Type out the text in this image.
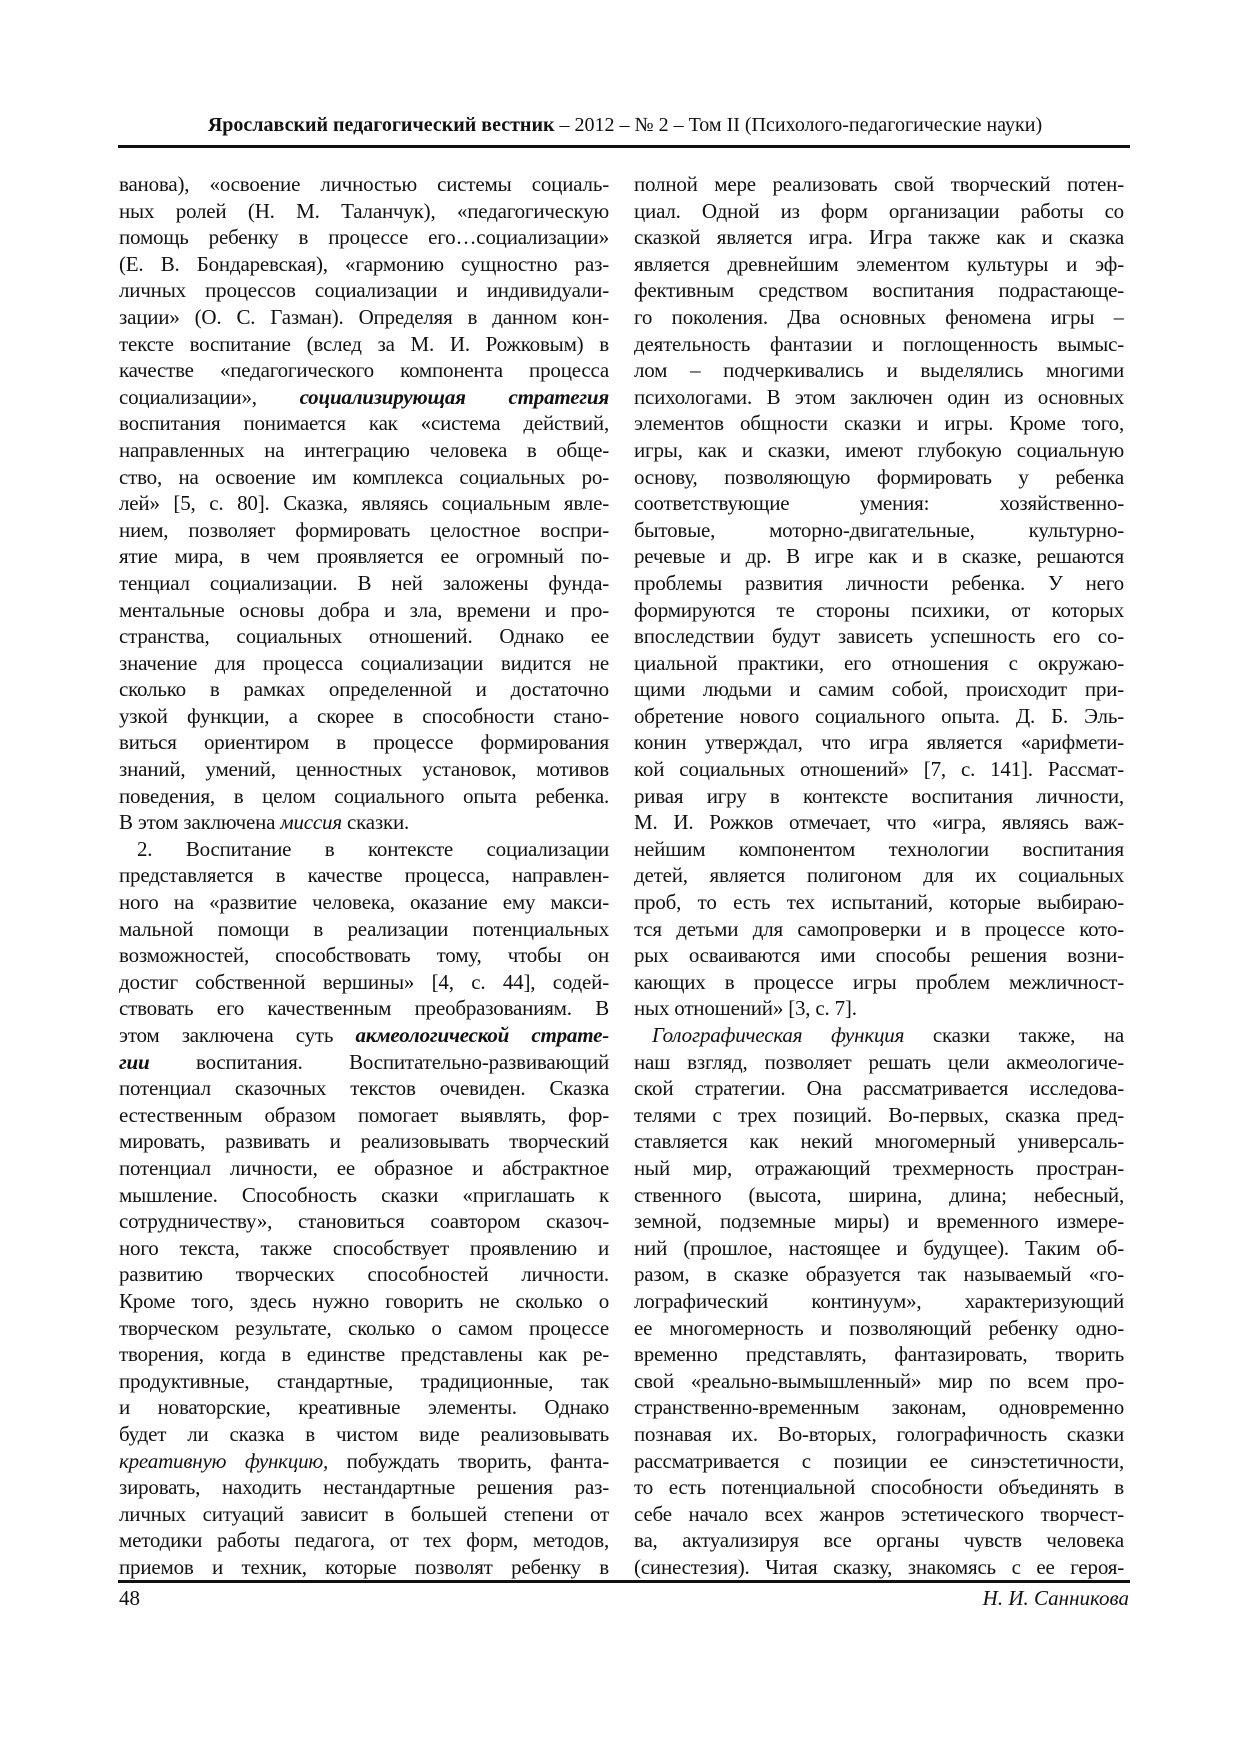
Ярославский педагогический вестник – 2012 – № 2 – Том II (Психолого-педагогические науки)
ванова), «освоение личностью системы социаль-
ных ролей (Н. М. Таланчук), «педагогическую
помощь ребенку в процессе его…социализации»
(Е. В. Бондаревская), «гармонию сущностно раз-
личных процессов социализации и индивидуали-
зации» (О. С. Газман). Определяя в данном кон-
тексте воспитание (вслед за М. И. Рожковым) в
качестве «педагогического компонента процесса
социализации», социализирующая стратегия
воспитания понимается как «система действий,
направленных на интеграцию человека в обще-
ство, на освоение им комплекса социальных ро-
лей» [5, с. 80]. Сказка, являясь социальным явле-
нием, позволяет формировать целостное воспри-
ятие мира, в чем проявляется ее огромный по-
тенциал социализации. В ней заложены фунда-
ментальные основы добра и зла, времени и про-
странства, социальных отношений. Однако ее
значение для процесса социализации видится не
сколько в рамках определенной и достаточно
узкой функции, а скорее в способности стано-
виться ориентиром в процессе формирования
знаний, умений, ценностных установок, мотивов
поведения, в целом социального опыта ребенка.
В этом заключена миссия сказки.
2. Воспитание в контексте социализации
представляется в качестве процесса, направлен-
ного на «развитие человека, оказание ему макси-
мальной помощи в реализации потенциальных
возможностей, способствовать тому, чтобы он
достиг собственной вершины» [4, с. 44], содей-
ствовать его качественным преобразованиям. В
этом заключена суть акмеологической страте-
гии воспитания. Воспитательно-развивающий
потенциал сказочных текстов очевиден. Сказка
естественным образом помогает выявлять, фор-
мировать, развивать и реализовывать творческий
потенциал личности, ее образное и абстрактное
мышление. Способность сказки «приглашать к
сотрудничеству», становиться соавтором сказоч-
ного текста, также способствует проявлению и
развитию творческих способностей личности.
Кроме того, здесь нужно говорить не сколько о
творческом результате, сколько о самом процессе
творения, когда в единстве представлены как ре-
продуктивные, стандартные, традиционные, так
и новаторские, креативные элементы. Однако
будет ли сказка в чистом виде реализовывать
креативную функцию, побуждать творить, фанта-
зировать, находить нестандартные решения раз-
личных ситуаций зависит в большей степени от
методики работы педагога, от тех форм, методов,
приемов и техник, которые позволят ребенку в
полной мере реализовать свой творческий потен-
циал. Одной из форм организации работы со
сказкой является игра. Игра также как и сказка
является древнейшим элементом культуры и эф-
фективным средством воспитания подрастающе-
го поколения. Два основных феномена игры –
деятельность фантазии и поглощенность вымыс-
лом – подчеркивались и выделялись многими
психологами. В этом заключен один из основных
элементов общности сказки и игры. Кроме того,
игры, как и сказки, имеют глубокую социальную
основу, позволяющую формировать у ребенка
соответствующие умения: хозяйственно-
бытовые, моторно-двигательные, культурно-
речевые и др. В игре как и в сказке, решаются
проблемы развития личности ребенка. У него
формируются те стороны психики, от которых
впоследствии будут зависеть успешность его со-
циальной практики, его отношения с окружаю-
щими людьми и самим собой, происходит при-
обретение нового социального опыта. Д. Б. Эль-
конин утверждал, что игра является «арифмети-
кой социальных отношений» [7, с. 141]. Рассмат-
ривая игру в контексте воспитания личности,
М. И. Рожков отмечает, что «игра, являясь важ-
нейшим компонентом технологии воспитания
детей, является полигоном для их социальных
проб, то есть тех испытаний, которые выбираю-
тся детьми для самопроверки и в процессе кото-
рых осваиваются ими способы решения возни-
кающих в процессе игры проблем межличност-
ных отношений» [3, с. 7].
Голографическая функция сказки также, на
наш взгляд, позволяет решать цели акмеологиче-
ской стратегии. Она рассматривается исследова-
телями с трех позиций. Во-первых, сказка пред-
ставляется как некий многомерный универсаль-
ный мир, отражающий трехмерность простран-
ственного (высота, ширина, длина; небесный,
земной, подземные миры) и временного измере-
ний (прошлое, настоящее и будущее). Таким об-
разом, в сказке образуется так называемый «го-
лографический континуум», характеризующий
ее многомерность и позволяющий ребенку одно-
временно представлять, фантазировать, творить
свой «реально-вымышленный» мир по всем про-
странственно-временным законам, одновременно
познавая их. Во-вторых, голографичность сказки
рассматривается с позиции ее синэстетичности,
то есть потенциальной способности объединять в
себе начало всех жанров эстетического творчест-
ва, актуализируя все органы чувств человека
(синестезия). Читая сказку, знакомясь с ее героя-
48	Н. И. Санникова
